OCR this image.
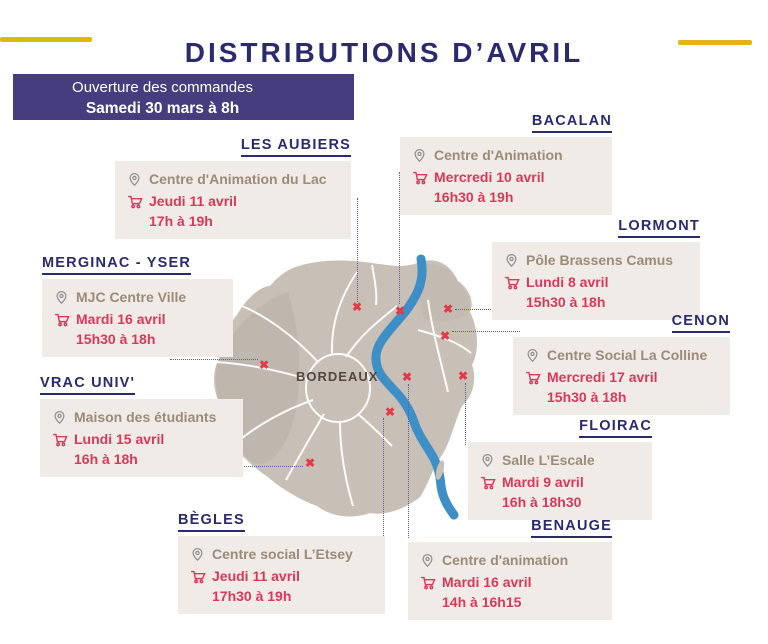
DISTRIBUTIONS D’AVRIL
Ouverture des commandes
Samedi 30 mars à 8h
BORDEAUX
✖	✖	✖
✖
✖
✖	✖
✖
✖
LES AUBIERS
Centre d'Animation du Lac
Jeudi 11 avril
17h à 19h
BACALAN
Centre d'Animation
Mercredi 10 avril
16h30 à 19h
LORMONT
Pôle Brassens Camus
Lundi 8 avril
15h30 à 18h
MERGINAC - YSER
MJC Centre Ville
Mardi 16 avril
15h30 à 18h
CENON
Centre Social La Colline
Mercredi 17 avril
15h30 à 18h
VRAC UNIV'
Maison des étudiants
Lundi 15 avril
16h à 18h
FLOIRAC
Salle L’Escale
Mardi 9 avril
16h à 18h30
BÈGLES
Centre social L’Etsey
Jeudi 11 avril
17h30 à 19h
BENAUGE
Centre d'animation
Mardi 16 avril
14h à 16h15
